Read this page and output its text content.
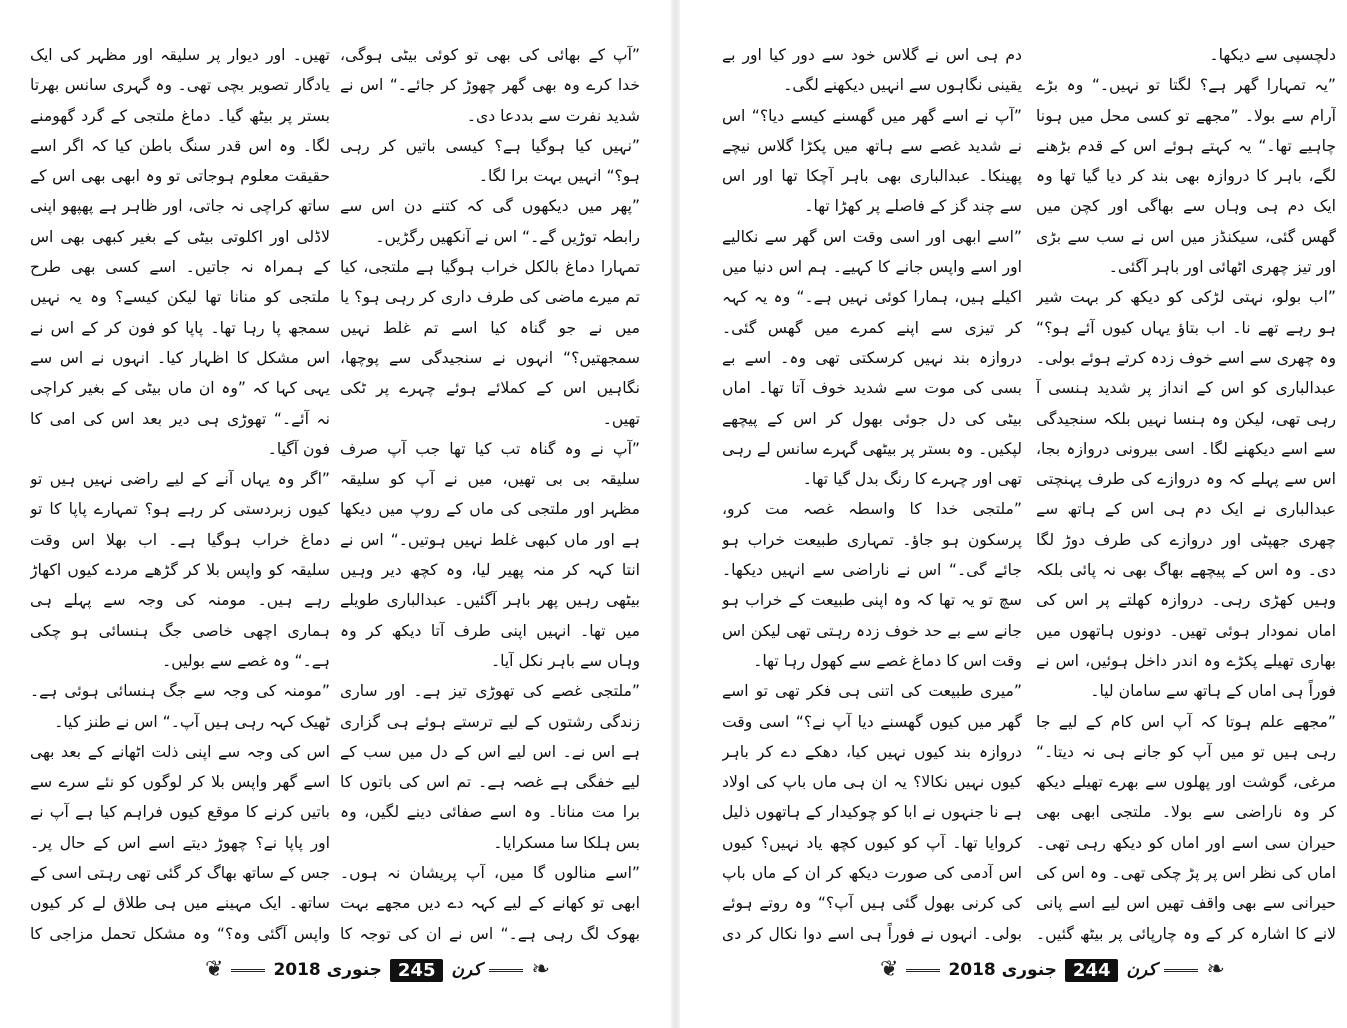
تھیں۔ اور دیوار پر سلیقہ اور مظہر کی ایک یادگار تصویر بچی تھی۔ وہ گہری سانس بھرتا بستر پر بیٹھ گیا۔ دماغ ملتجی کے گرد گھومنے لگا۔ وہ اس قدر سنگ باطن کیا کہ اگر اسے حقیقت معلوم ہوجاتی تو وہ ابھی بھی اس کے ساتھ کراچی نہ جاتی، اور ظاہر ہے پھپھو اپنی لاڈلی اور اکلوتی بیٹی کے بغیر کبھی بھی اس کے ہمراہ نہ جاتیں۔ اسے کسی بھی طرح ملتجی کو منانا تھا لیکن کیسے؟ وہ یہ نہیں سمجھ پا رہا تھا۔ پاپا کو فون کر کے اس نے اس مشکل کا اظہار کیا۔ انہوں نے اس سے یہی کہا کہ ”وہ ان ماں بیٹی کے بغیر کراچی نہ آئے۔“ تھوڑی ہی دیر بعد اس کی امی کا فون آگیا۔

”اگر وہ یہاں آنے کے لیے راضی نہیں ہیں تو کیوں زبردستی کر رہے ہو؟ تمہارے پاپا کا تو دماغ خراب ہوگیا ہے۔ اب بھلا اس وقت سلیقہ کو واپس بلا کر گڑھے مردے کیوں اکھاڑ رہے ہیں۔ مومنہ کی وجہ سے پہلے ہی ہماری اچھی خاصی جگ ہنسائی ہو چکی ہے۔“ وہ غصے سے بولیں۔

”مومنہ کی وجہ سے جگ ہنسائی ہوئی ہے۔ ٹھیک کہہ رہی ہیں آپ۔“ اس نے طنز کیا۔

اس کی وجہ سے اپنی ذلت اٹھانے کے بعد بھی اسے گھر واپس بلا کر لوگوں کو نئے سرے سے باتیں کرنے کا موقع کیوں فراہم کیا ہے آپ نے اور پاپا نے؟ چھوڑ دیتے اسے اس کے حال پر۔ جس کے ساتھ بھاگ کر گئی تھی رہتی اسی کے ساتھ۔ ایک مہینے میں ہی طلاق لے کر کیوں واپس آگئی وہ؟“ وہ مشکل تحمل مزاجی کا

”آپ کے بھائی کی بھی تو کوئی بیٹی ہوگی، خدا کرے وہ بھی گھر چھوڑ کر جائے۔“ اس نے شدید نفرت سے بددعا دی۔

”نہیں کیا ہوگیا ہے؟ کیسی باتیں کر رہی ہو؟“ انہیں بہت برا لگا۔

”پھر میں دیکھوں گی کہ کتنے دن اس سے رابطہ توڑیں گے۔“ اس نے آنکھیں رگڑیں۔

تمہارا دماغ بالکل خراب ہوگیا ہے ملتجی، کیا تم میرے ماضی کی طرف داری کر رہی ہو؟ یا میں نے جو گناہ کیا اسے تم غلط نہیں سمجھتیں؟“ انہوں نے سنجیدگی سے پوچھا، نگاہیں اس کے کملائے ہوئے چہرے پر ٹکی تھیں۔

”آپ نے وہ گناہ تب کیا تھا جب آپ صرف سلیقہ بی بی تھیں، میں نے آپ کو سلیقہ مظہر اور ملتجی کی ماں کے روپ میں دیکھا ہے اور ماں کبھی غلط نہیں ہوتیں۔“ اس نے انتا کہہ کر منہ پھیر لیا، وہ کچھ دیر وہیں بیٹھی رہیں پھر باہر آگئیں۔ عبدالباری طویلے میں تھا۔ انہیں اپنی طرف آتا دیکھ کر وہ وہاں سے باہر نکل آیا۔

”ملتجی غصے کی تھوڑی تیز ہے۔ اور ساری زندگی رشتوں کے لیے ترستے ہوئے ہی گزاری ہے اس نے۔ اس لیے اس کے دل میں سب کے لیے خفگی ہے غصہ ہے۔ تم اس کی باتوں کا برا مت منانا۔ وہ اسے صفائی دینے لگیں، وہ بس ہلکا سا مسکرایا۔

”اسے منالوں گا میں، آپ پریشان نہ ہوں۔ ابھی تو کھانے کے لیے کہہ دے دیں مجھے بہت بھوک لگ رہی ہے۔“ اس نے ان کی توجہ کا

❦	جنوری 2018 245 کرن ❧

دم ہی اس نے گلاس خود سے دور کیا اور بے یقینی نگاہوں سے انہیں دیکھنے لگی۔

”آپ نے اسے گھر میں گھسنے کیسے دیا؟“ اس نے شدید غصے سے ہاتھ میں پکڑا گلاس نیچے پھینکا۔ عبدالباری بھی باہر آچکا تھا اور اس سے چند گز کے فاصلے پر کھڑا تھا۔

”اسے ابھی اور اسی وقت اس گھر سے نکالیے اور اسے واپس جانے کا کہیے۔ ہم اس دنیا میں اکیلے ہیں، ہمارا کوئی نہیں ہے۔“ وہ یہ کہہ کر تیزی سے اپنے کمرے میں گھس گئی۔ دروازہ بند نہیں کرسکتی تھی وہ۔ اسے بے بسی کی موت سے شدید خوف آتا تھا۔ اماں بیٹی کی دل جوئی بھول کر اس کے پیچھے لپکیں۔ وہ بستر پر بیٹھی گہرے سانس لے رہی تھی اور چہرے کا رنگ بدل گیا تھا۔

”ملتجی خدا کا واسطہ غصہ مت کرو، پرسکون ہو جاؤ۔ تمہاری طبیعت خراب ہو جائے گی۔“ اس نے ناراضی سے انہیں دیکھا۔ سچ تو یہ تھا کہ وہ اپنی طبیعت کے خراب ہو جانے سے بے حد خوف زدہ رہتی تھی لیکن اس وقت اس کا دماغ غصے سے کھول رہا تھا۔

”میری طبیعت کی اتنی ہی فکر تھی تو اسے گھر میں کیوں گھسنے دیا آپ نے؟“ اسی وقت دروازہ بند کیوں نہیں کیا، دھکے دے کر باہر کیوں نہیں نکالا؟ یہ ان ہی ماں باپ کی اولاد ہے نا جنہوں نے ابا کو چوکیدار کے ہاتھوں ذلیل کروایا تھا۔ آپ کو کیوں کچھ یاد نہیں؟ کیوں اس آدمی کی صورت دیکھ کر ان کے ماں باپ کی کرنی بھول گئی ہیں آپ؟“ وہ روتے ہوئے بولی۔ انہوں نے فوراً ہی اسے دوا نکال کر دی

دلچسپی سے دیکھا۔

”یہ تمہارا گھر ہے؟ لگتا تو نہیں۔“ وہ بڑے آرام سے بولا۔ ”مجھے تو کسی محل میں ہونا چاہیے تھا۔“ یہ کہتے ہوئے اس کے قدم بڑھنے لگے، باہر کا دروازہ بھی بند کر دیا گیا تھا وہ ایک دم ہی وہاں سے بھاگی اور کچن میں گھس گئی، سیکنڈز میں اس نے سب سے بڑی اور تیز چھری اٹھائی اور باہر آگئی۔

”اب بولو، نہتی لڑکی کو دیکھ کر بہت شیر ہو رہے تھے نا۔ اب بتاؤ یہاں کیوں آئے ہو؟“ وہ چھری سے اسے خوف زدہ کرتے ہوئے بولی۔ عبدالباری کو اس کے انداز پر شدید ہنسی آ رہی تھی، لیکن وہ ہنسا نہیں بلکہ سنجیدگی سے اسے دیکھنے لگا۔ اسی بیرونی دروازہ بجا، اس سے پہلے کہ وہ دروازے کی طرف پہنچتی عبدالباری نے ایک دم ہی اس کے ہاتھ سے چھری جھپٹی اور دروازے کی طرف دوڑ لگا دی۔ وہ اس کے پیچھے بھاگ بھی نہ پائی بلکہ وہیں کھڑی رہی۔ دروازہ کھلتے پر اس کی اماں نمودار ہوئی تھیں۔ دونوں ہاتھوں میں بھاری تھیلے پکڑے وہ اندر داخل ہوئیں، اس نے فوراً ہی اماں کے ہاتھ سے سامان لیا۔

”مجھے علم ہوتا کہ آپ اس کام کے لیے جا رہی ہیں تو میں آپ کو جانے ہی نہ دیتا۔“ مرغی، گوشت اور پھلوں سے بھرے تھیلے دیکھ کر وہ ناراضی سے بولا۔ ملتجی ابھی بھی حیران سی اسے اور اماں کو دیکھ رہی تھی۔ اماں کی نظر اس پر پڑ چکی تھی۔ وہ اس کی حیرانی سے بھی واقف تھیں اس لیے اسے پانی لانے کا اشارہ کر کے وہ چارپائی پر بیٹھ گئیں۔

❦	جنوری 2018 244 کرن ❧
